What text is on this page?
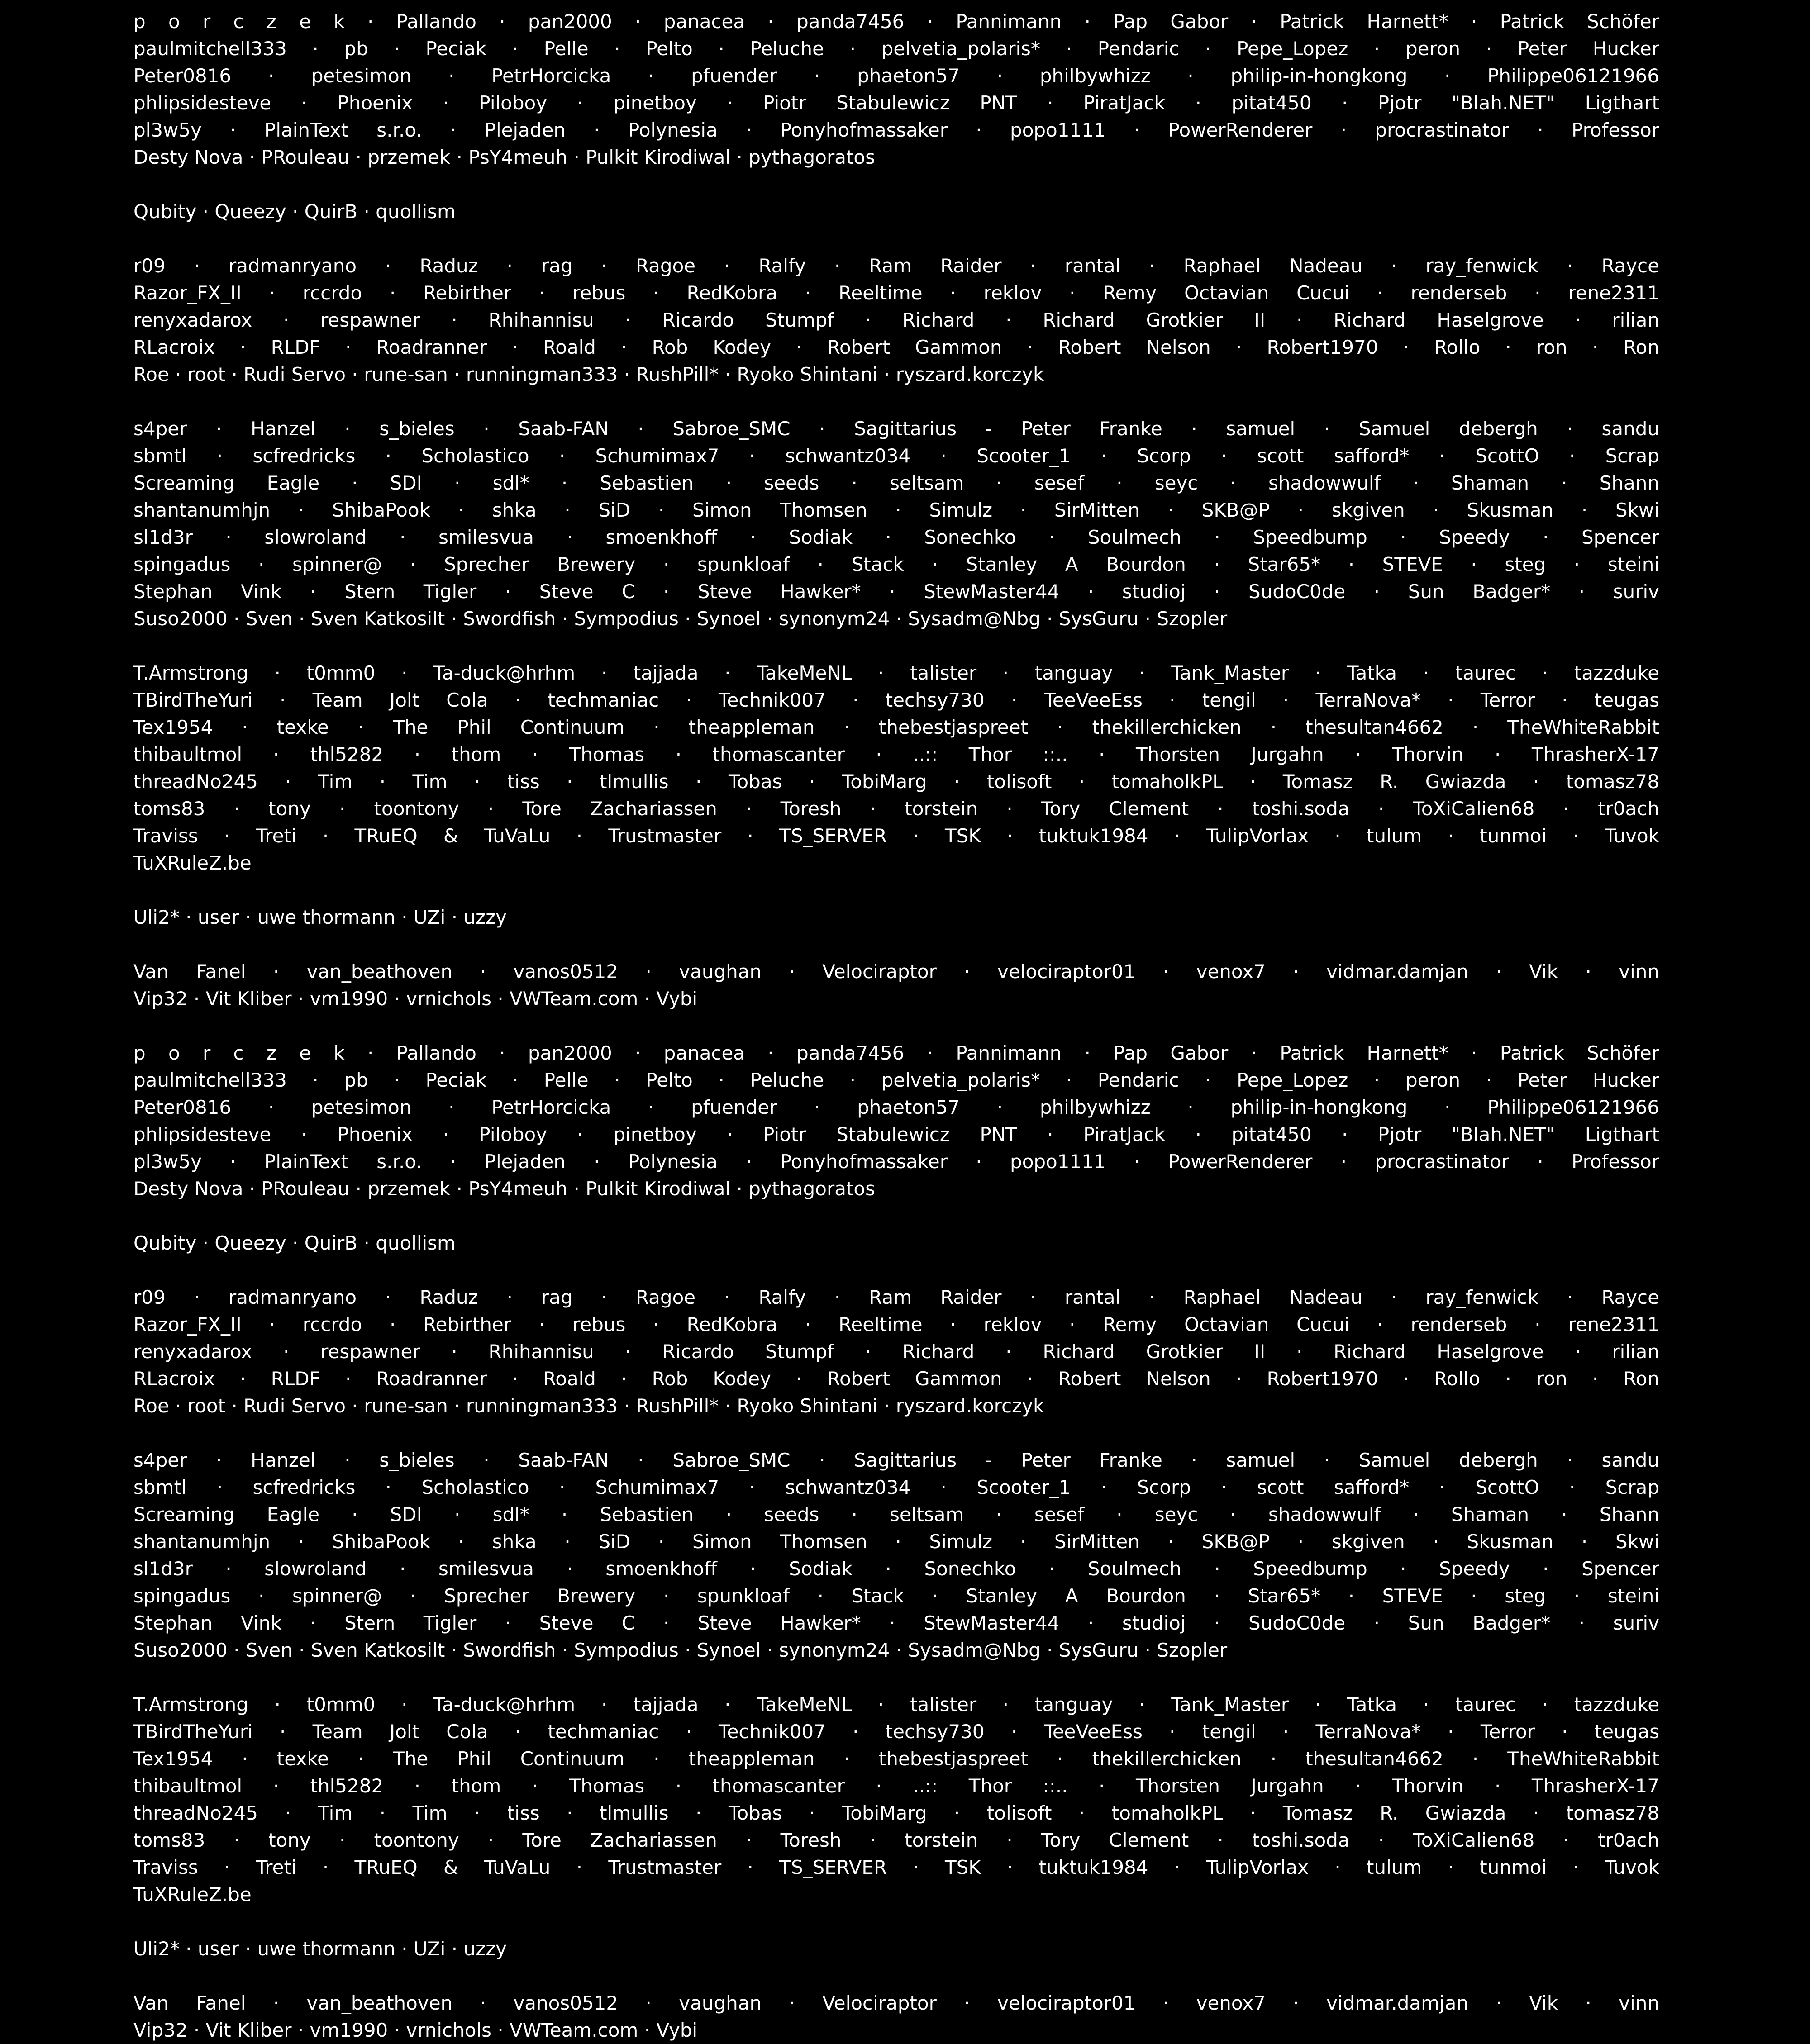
p o r c z e k · Pallando · pan2000 · panacea · panda7456 · Pannimann · Pap Gabor · Patrick Harnett* · Patrick Schöfer
paulmitchell333 · pb · Peciak · Pelle · Pelto · Peluche · pelvetia_polaris* · Pendaric · Pepe_Lopez · peron · Peter Hucker
Peter0816 · petesimon · PetrHorcicka · pfuender · phaeton57 · philbywhizz · philip-in-hongkong · Philippe06121966
phlipsidesteve · Phoenix · Piloboy · pinetboy · Piotr Stabulewicz PNT · PiratJack · pitat450 · Pjotr "Blah.NET" Ligthart
pl3w5y · PlainText s.r.o. · Plejaden · Polynesia · Ponyhofmassaker · popo1111 · PowerRenderer · procrastinator · Professor
Desty Nova · PRouleau · przemek · PsY4meuh · Pulkit Kirodiwal · pythagoratos

Qubity · Queezy · QuirB · quollism

r09 · radmanryano · Raduz · rag · Ragoe · Ralfy · Ram Raider · rantal · Raphael Nadeau · ray_fenwick · Rayce
Razor_FX_II · rccrdo · Rebirther · rebus · RedKobra · Reeltime · reklov · Remy Octavian Cucui · renderseb · rene2311
renyxadarox · respawner · Rhihannisu · Ricardo Stumpf · Richard · Richard Grotkier II · Richard Haselgrove · rilian
RLacroix · RLDF · Roadranner · Roald · Rob Kodey · Robert Gammon · Robert Nelson · Robert1970 · Rollo · ron · Ron
Roe · root · Rudi Servo · rune-san · runningman333 · RushPill* · Ryoko Shintani · ryszard.korczyk

s4per · Hanzel · s_bieles · Saab-FAN · Sabroe_SMC · Sagittarius - Peter Franke · samuel · Samuel debergh · sandu
sbmtl · scfredricks · Scholastico · Schumimax7 · schwantz034 · Scooter_1 · Scorp · scott safford* · ScottO · Scrap
Screaming Eagle · SDI · sdl* · Sebastien · seeds · seltsam · sesef · seyc · shadowwulf · Shaman · Shann
shantanumhjn · ShibaPook · shka · SiD · Simon Thomsen · Simulz · SirMitten · SKB@P · skgiven · Skusman · Skwi
sl1d3r · slowroland · smilesvua · smoenkhoff · Sodiak · Sonechko · Soulmech · Speedbump · Speedy · Spencer
spingadus · spinner@ · Sprecher Brewery · spunkloaf · Stack · Stanley A Bourdon · Star65* · STEVE · steg · steini
Stephan Vink · Stern Tigler · Steve C · Steve Hawker* · StewMaster44 · studioj · SudoC0de · Sun Badger* · suriv
Suso2000 · Sven · Sven Katkosilt · Swordfish · Sympodius · Synoel · synonym24 · Sysadm@Nbg · SysGuru · Szopler

T.Armstrong · t0mm0 · Ta-duck@hrhm · tajjada · TakeMeNL · talister · tanguay · Tank_Master · Tatka · taurec · tazzduke
TBirdTheYuri · Team Jolt Cola · techmaniac · Technik007 · techsy730 · TeeVeeEss · tengil · TerraNova* · Terror · teugas
Tex1954 · texke · The Phil Continuum · theappleman · thebestjaspreet · thekillerchicken · thesultan4662 · TheWhiteRabbit
thibaultmol · thl5282 · thom · Thomas · thomascanter · ..:: Thor ::.. · Thorsten Jurgahn · Thorvin · ThrasherX-17
threadNo245 · Tim · Tim · tiss · tlmullis · Tobas · TobiMarg · tolisoft · tomaholkPL · Tomasz R. Gwiazda · tomasz78
toms83 · tony · toontony · Tore Zachariassen · Toresh · torstein · Tory Clement · toshi.soda · ToXiCalien68 · tr0ach
Traviss · Treti · TRuEQ & TuVaLu · Trustmaster · TS_SERVER · TSK · tuktuk1984 · TulipVorlax · tulum · tunmoi · Tuvok
TuXRuleZ.be

Uli2* · user · uwe thormann · UZi · uzzy

Van Fanel · van_beathoven · vanos0512 · vaughan · Velociraptor · velociraptor01 · venox7 · vidmar.damjan · Vik · vinn
Vip32 · Vit Kliber · vm1990 · vrnichols · VWTeam.com · Vybi

p o r c z e k · Pallando · pan2000 · panacea · panda7456 · Pannimann · Pap Gabor · Patrick Harnett* · Patrick Schöfer
paulmitchell333 · pb · Peciak · Pelle · Pelto · Peluche · pelvetia_polaris* · Pendaric · Pepe_Lopez · peron · Peter Hucker
Peter0816 · petesimon · PetrHorcicka · pfuender · phaeton57 · philbywhizz · philip-in-hongkong · Philippe06121966
phlipsidesteve · Phoenix · Piloboy · pinetboy · Piotr Stabulewicz PNT · PiratJack · pitat450 · Pjotr "Blah.NET" Ligthart
pl3w5y · PlainText s.r.o. · Plejaden · Polynesia · Ponyhofmassaker · popo1111 · PowerRenderer · procrastinator · Professor
Desty Nova · PRouleau · przemek · PsY4meuh · Pulkit Kirodiwal · pythagoratos

Qubity · Queezy · QuirB · quollism

r09 · radmanryano · Raduz · rag · Ragoe · Ralfy · Ram Raider · rantal · Raphael Nadeau · ray_fenwick · Rayce
Razor_FX_II · rccrdo · Rebirther · rebus · RedKobra · Reeltime · reklov · Remy Octavian Cucui · renderseb · rene2311
renyxadarox · respawner · Rhihannisu · Ricardo Stumpf · Richard · Richard Grotkier II · Richard Haselgrove · rilian
RLacroix · RLDF · Roadranner · Roald · Rob Kodey · Robert Gammon · Robert Nelson · Robert1970 · Rollo · ron · Ron
Roe · root · Rudi Servo · rune-san · runningman333 · RushPill* · Ryoko Shintani · ryszard.korczyk

s4per · Hanzel · s_bieles · Saab-FAN · Sabroe_SMC · Sagittarius - Peter Franke · samuel · Samuel debergh · sandu
sbmtl · scfredricks · Scholastico · Schumimax7 · schwantz034 · Scooter_1 · Scorp · scott safford* · ScottO · Scrap
Screaming Eagle · SDI · sdl* · Sebastien · seeds · seltsam · sesef · seyc · shadowwulf · Shaman · Shann
shantanumhjn · ShibaPook · shka · SiD · Simon Thomsen · Simulz · SirMitten · SKB@P · skgiven · Skusman · Skwi
sl1d3r · slowroland · smilesvua · smoenkhoff · Sodiak · Sonechko · Soulmech · Speedbump · Speedy · Spencer
spingadus · spinner@ · Sprecher Brewery · spunkloaf · Stack · Stanley A Bourdon · Star65* · STEVE · steg · steini
Stephan Vink · Stern Tigler · Steve C · Steve Hawker* · StewMaster44 · studioj · SudoC0de · Sun Badger* · suriv
Suso2000 · Sven · Sven Katkosilt · Swordfish · Sympodius · Synoel · synonym24 · Sysadm@Nbg · SysGuru · Szopler

T.Armstrong · t0mm0 · Ta-duck@hrhm · tajjada · TakeMeNL · talister · tanguay · Tank_Master · Tatka · taurec · tazzduke
TBirdTheYuri · Team Jolt Cola · techmaniac · Technik007 · techsy730 · TeeVeeEss · tengil · TerraNova* · Terror · teugas
Tex1954 · texke · The Phil Continuum · theappleman · thebestjaspreet · thekillerchicken · thesultan4662 · TheWhiteRabbit
thibaultmol · thl5282 · thom · Thomas · thomascanter · ..:: Thor ::.. · Thorsten Jurgahn · Thorvin · ThrasherX-17
threadNo245 · Tim · Tim · tiss · tlmullis · Tobas · TobiMarg · tolisoft · tomaholkPL · Tomasz R. Gwiazda · tomasz78
toms83 · tony · toontony · Tore Zachariassen · Toresh · torstein · Tory Clement · toshi.soda · ToXiCalien68 · tr0ach
Traviss · Treti · TRuEQ & TuVaLu · Trustmaster · TS_SERVER · TSK · tuktuk1984 · TulipVorlax · tulum · tunmoi · Tuvok
TuXRuleZ.be

Uli2* · user · uwe thormann · UZi · uzzy

Van Fanel · van_beathoven · vanos0512 · vaughan · Velociraptor · velociraptor01 · venox7 · vidmar.damjan · Vik · vinn
Vip32 · Vit Kliber · vm1990 · vrnichols · VWTeam.com · Vybi
